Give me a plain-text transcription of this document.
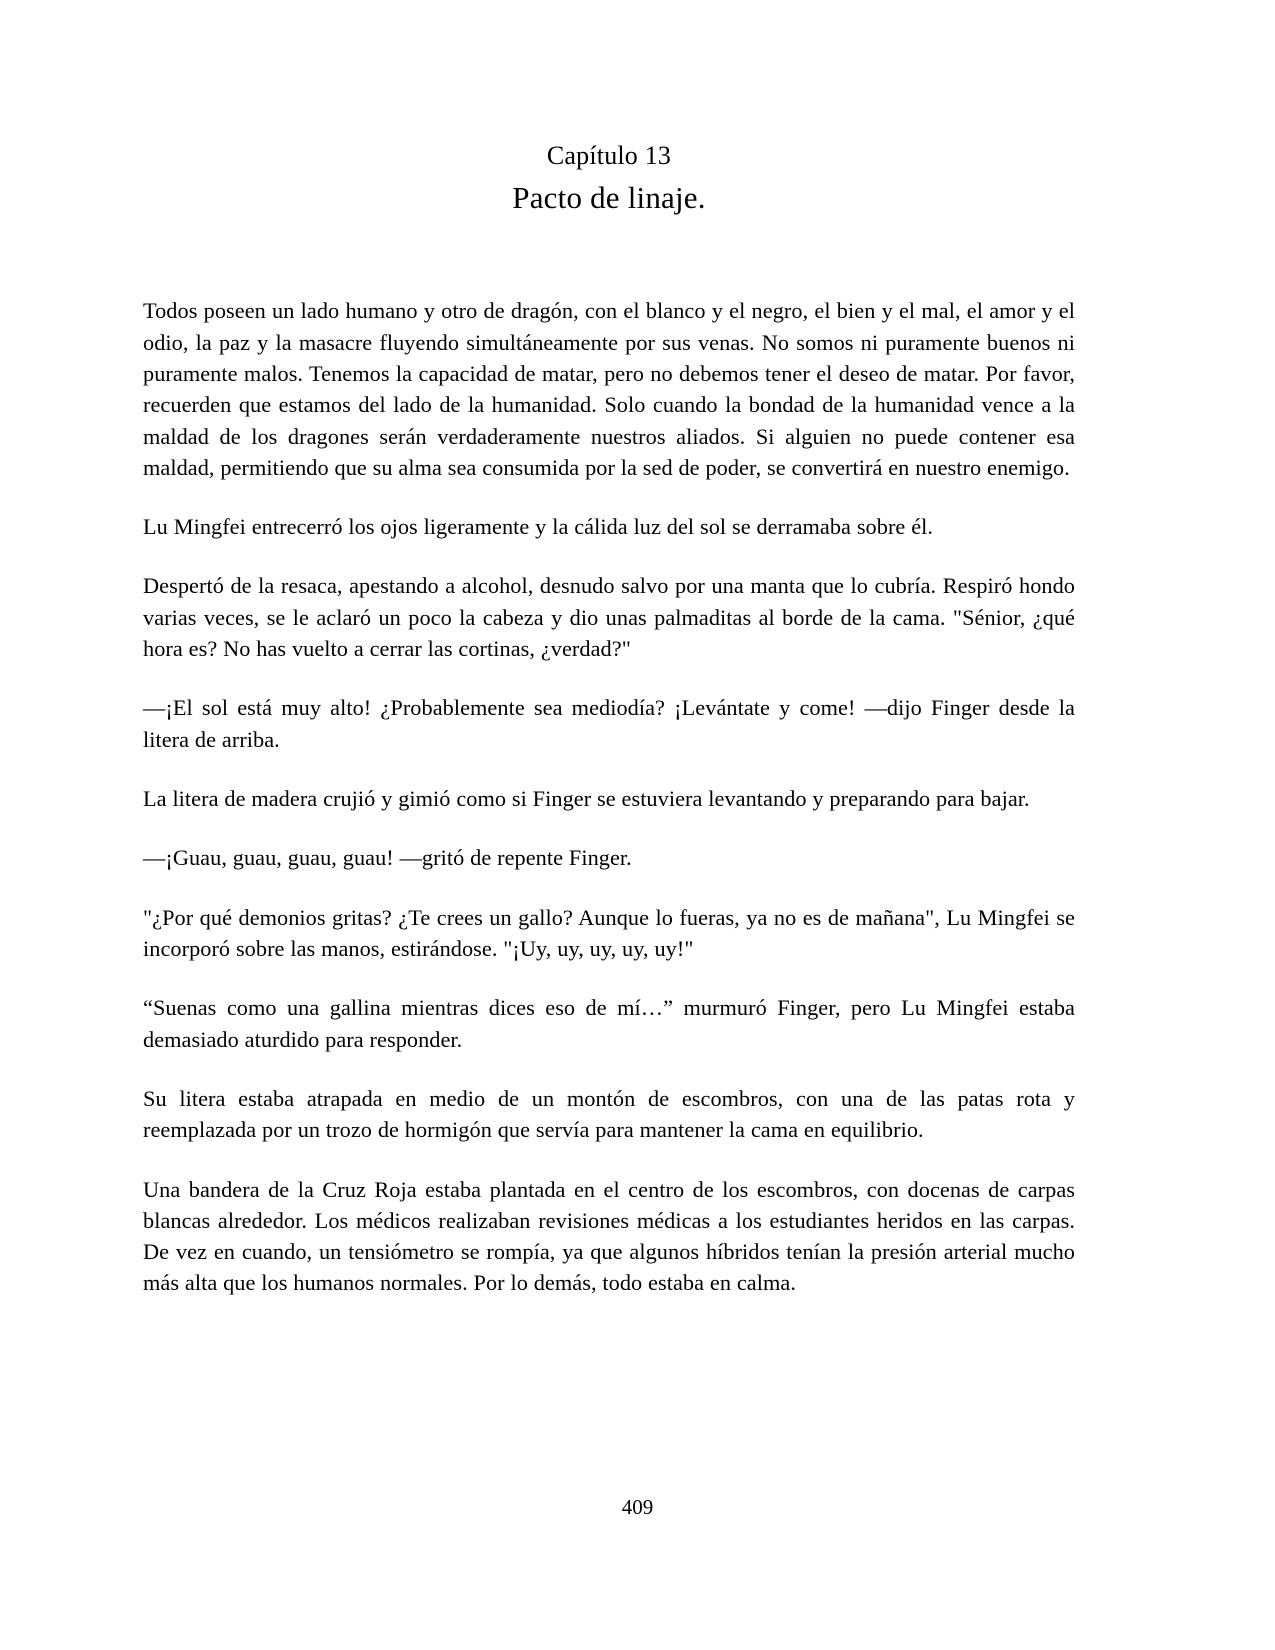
Capítulo 13
Pacto de linaje.

Todos poseen un lado humano y otro de dragón, con el blanco y el negro, el bien y el mal, el amor y el odio, la paz y la masacre fluyendo simultáneamente por sus venas. No somos ni puramente buenos ni puramente malos. Tenemos la capacidad de matar, pero no debemos tener el deseo de matar. Por favor, recuerden que estamos del lado de la humanidad. Solo cuando la bondad de la humanidad vence a la maldad de los dragones serán verdaderamente nuestros aliados. Si alguien no puede contener esa maldad, permitiendo que su alma sea consumida por la sed de poder, se convertirá en nuestro enemigo.

Lu Mingfei entrecerró los ojos ligeramente y la cálida luz del sol se derramaba sobre él.

Despertó de la resaca, apestando a alcohol, desnudo salvo por una manta que lo cubría. Respiró hondo varias veces, se le aclaró un poco la cabeza y dio unas palmaditas al borde de la cama. "Sénior, ¿qué hora es? No has vuelto a cerrar las cortinas, ¿verdad?"

—¡El sol está muy alto! ¿Probablemente sea mediodía? ¡Levántate y come! —dijo Finger desde la litera de arriba.

La litera de madera crujió y gimió como si Finger se estuviera levantando y preparando para bajar.

—¡Guau, guau, guau, guau! —gritó de repente Finger.

"¿Por qué demonios gritas? ¿Te crees un gallo? Aunque lo fueras, ya no es de mañana", Lu Mingfei se incorporó sobre las manos, estirándose. "¡Uy, uy, uy, uy, uy!"

“Suenas como una gallina mientras dices eso de mí…” murmuró Finger, pero Lu Mingfei estaba demasiado aturdido para responder.

Su litera estaba atrapada en medio de un montón de escombros, con una de las patas rota y reemplazada por un trozo de hormigón que servía para mantener la cama en equilibrio.

Una bandera de la Cruz Roja estaba plantada en el centro de los escombros, con docenas de carpas blancas alrededor. Los médicos realizaban revisiones médicas a los estudiantes heridos en las carpas. De vez en cuando, un tensiómetro se rompía, ya que algunos híbridos tenían la presión arterial mucho más alta que los humanos normales. Por lo demás, todo estaba en calma.

409
